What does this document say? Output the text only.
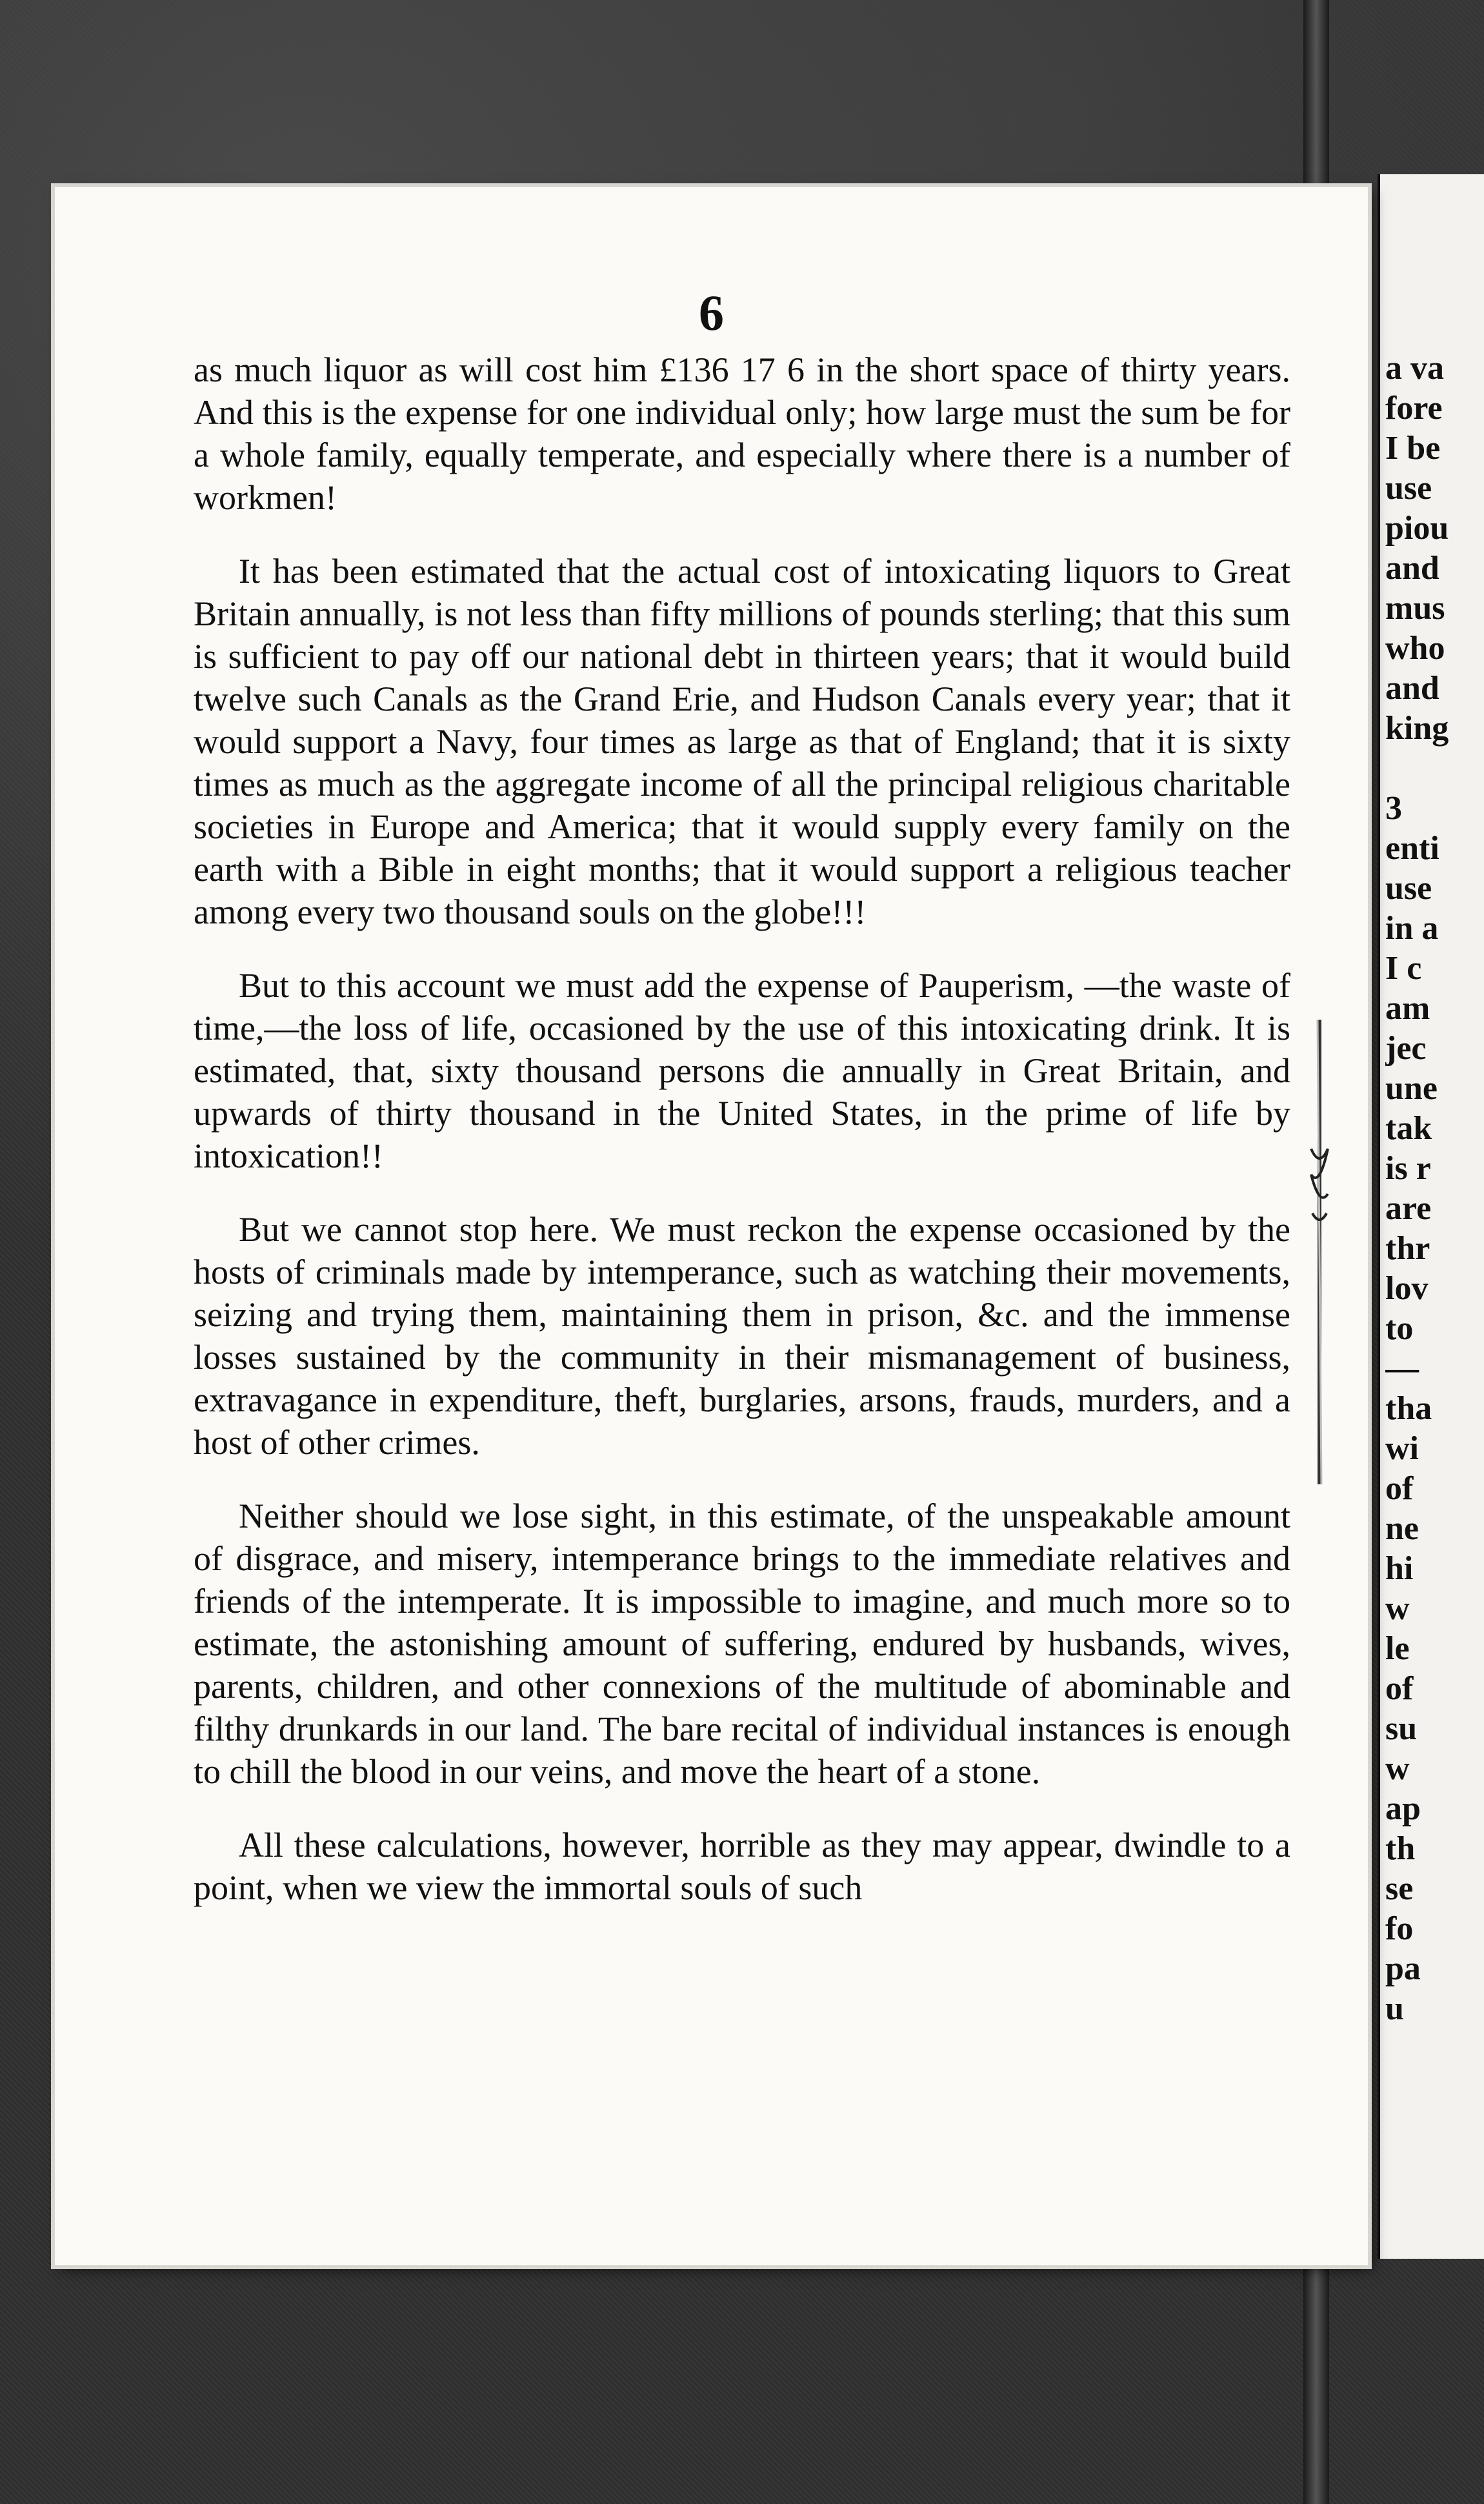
a va
fore
I be
use
piou
and
mus
who
and
king

3
enti
use
in a
I c
am
jec
une
tak
is r
are
thr
lov
to
—
tha
wi
of
ne
hi
w
le
of
su
w
ap
th
se
fo
pa
u
6

as much liquor as will cost him £136 17 6 in the short space of thirty years. And this is the expense for one individual only; how large must the sum be for a whole family, equally temperate, and especially where there is a number of workmen!

It has been estimated that the actual cost of intoxicating liquors to Great Britain annually, is not less than fifty millions of pounds sterling; that this sum is sufficient to pay off our national debt in thirteen years; that it would build twelve such Canals as the Grand Erie, and Hudson Canals every year; that it would support a Navy, four times as large as that of England; that it is sixty times as much as the aggregate income of all the principal religious charitable societies in Europe and America; that it would supply every family on the earth with a Bible in eight months; that it would support a religious teacher among every two thousand souls on the globe!!!

But to this account we must add the expense of Pauperism, —the waste of time,—the loss of life, occasioned by the use of this intoxicating drink. It is estimated, that, sixty thousand persons die annually in Great Britain, and upwards of thirty thousand in the United States, in the prime of life by intoxication!!

But we cannot stop here. We must reckon the expense occasioned by the hosts of criminals made by intemperance, such as watching their movements, seizing and trying them, maintaining them in prison, &c. and the immense losses sustained by the community in their mismanagement of business, extravagance in expenditure, theft, burglaries, arsons, frauds, murders, and a host of other crimes.

Neither should we lose sight, in this estimate, of the unspeakable amount of disgrace, and misery, intemperance brings to the immediate relatives and friends of the intemperate. It is impossible to imagine, and much more so to estimate, the astonishing amount of suffering, endured by husbands, wives, parents, children, and other connexions of the multitude of abominable and filthy drunkards in our land. The bare recital of individual instances is enough to chill the blood in our veins, and move the heart of a stone.

All these calculations, however, horrible as they may appear, dwindle to a point, when we view the immortal souls of such
